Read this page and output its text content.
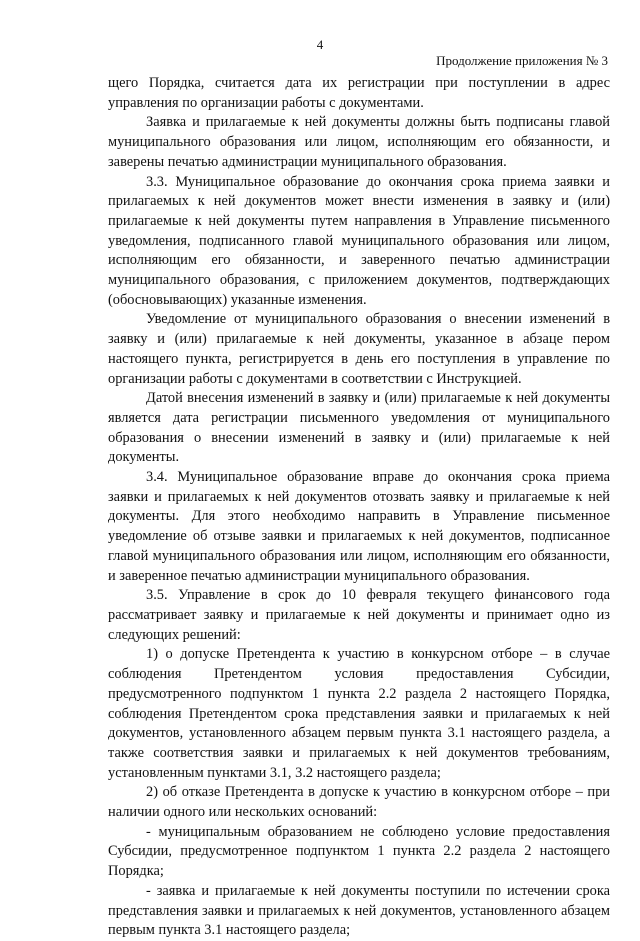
4
Продолжение приложения № 3

щего Порядка, считается дата их регистрации при поступлении в адрес управления по организации работы с документами.

Заявка и прилагаемые к ней документы должны быть подписаны главой муниципального образования или лицом, исполняющим его обязанности, и заверены печатью администрации муниципального образования.

3.3. Муниципальное образование до окончания срока приема заявки и прилагаемых к ней документов может внести изменения в заявку и (или) прилагаемые к ней документы путем направления в Управление письменного уведомления, подписанного главой муниципального образования или лицом, исполняющим его обязанности, и заверенного печатью администрации муниципального образования, с приложением документов, подтверждающих (обосновывающих) указанные изменения.

Уведомление от муниципального образования о внесении изменений в заявку и (или) прилагаемые к ней документы, указанное в абзаце пером настоящего пункта, регистрируется в день его поступления в управление по организации работы с документами в соответствии с Инструкцией.

Датой внесения изменений в заявку и (или) прилагаемые к ней документы является дата регистрации письменного уведомления от муниципального образования о внесении изменений в заявку и (или) прилагаемые к ней документы.

3.4. Муниципальное образование вправе до окончания срока приема заявки и прилагаемых к ней документов отозвать заявку и прилагаемые к ней документы. Для этого необходимо направить в Управление письменное уведомление об отзыве заявки и прилагаемых к ней документов, подписанное главой муниципального образования или лицом, исполняющим его обязанности, и заверенное печатью администрации муниципального образования.

3.5. Управление в срок до 10 февраля текущего финансового года рассматривает заявку и прилагаемые к ней документы и принимает одно из следующих решений:

1) о допуске Претендента к участию в конкурсном отборе – в случае соблюдения Претендентом условия предоставления Субсидии, предусмотренного подпунктом 1 пункта 2.2 раздела 2 настоящего Порядка, соблюдения Претендентом срока представления заявки и прилагаемых к ней документов, установленного абзацем первым пункта 3.1 настоящего раздела, а также соответствия заявки и прилагаемых к ней документов требованиям, установленным пунктами 3.1, 3.2 настоящего раздела;

2) об отказе Претендента в допуске к участию в конкурсном отборе – при наличии одного или нескольких оснований:

- муниципальным образованием не соблюдено условие предоставления Субсидии, предусмотренное подпунктом 1 пункта 2.2 раздела 2 настоящего Порядка;

- заявка и прилагаемые к ней документы поступили по истечении срока представления заявки и прилагаемых к ней документов, установленного абзацем первым пункта 3.1 настоящего раздела;
